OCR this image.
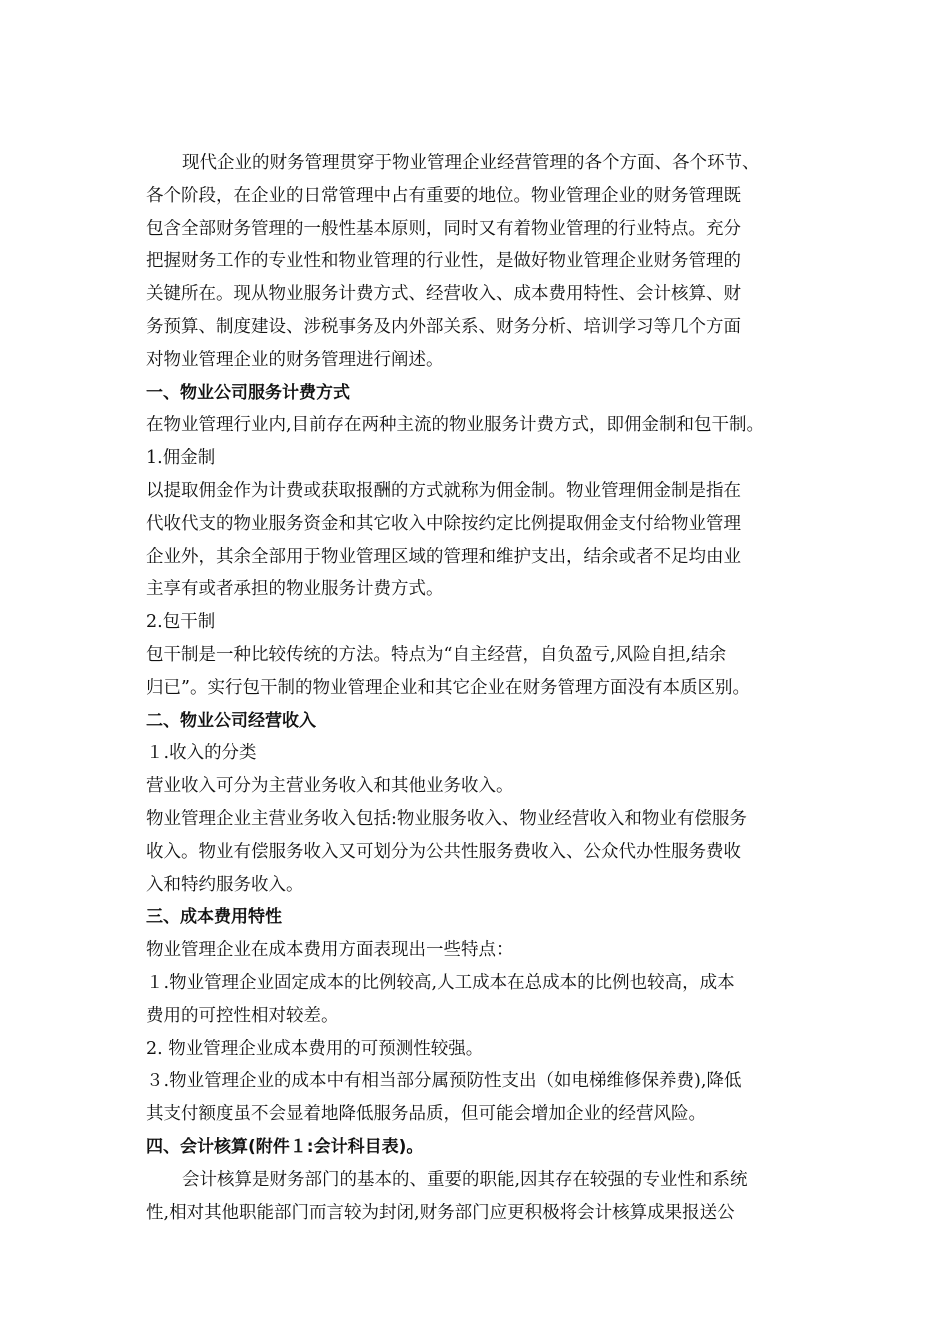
现代企业的财务管理贯穿于物业管理企业经营管理的各个方面、各个环节、
各个阶段，在企业的日常管理中占有重要的地位。物业管理企业的财务管理既
包含全部财务管理的一般性基本原则，同时又有着物业管理的行业特点。充分
把握财务工作的专业性和物业管理的行业性，是做好物业管理企业财务管理的
关键所在。现从物业服务计费方式、经营收入、成本费用特性、会计核算、财
务预算、制度建设、涉税事务及内外部关系、财务分析、培训学习等几个方面
对物业管理企业的财务管理进行阐述。
一、物业公司服务计费方式
在物业管理行业内,目前存在两种主流的物业服务计费方式，即佣金制和包干制。
1.佣金制
以提取佣金作为计费或获取报酬的方式就称为佣金制。物业管理佣金制是指在
代收代支的物业服务资金和其它收入中除按约定比例提取佣金支付给物业管理
企业外，其余全部用于物业管理区域的管理和维护支出，结余或者不足均由业
主享有或者承担的物业服务计费方式。
2.包干制
包干制是一种比较传统的方法。特点为“自主经营，自负盈亏,风险自担,结余
归已”。实行包干制的物业管理企业和其它企业在财务管理方面没有本质区别。
二、物业公司经营收入
１.收入的分类
营业收入可分为主营业务收入和其他业务收入。
物业管理企业主营业务收入包括:物业服务收入、物业经营收入和物业有偿服务
收入。物业有偿服务收入又可划分为公共性服务费收入、公众代办性服务费收
入和特约服务收入。
三、成本费用特性
物业管理企业在成本费用方面表现出一些特点：
１.物业管理企业固定成本的比例较高,人工成本在总成本的比例也较高，成本
费用的可控性相对较差。
2. 物业管理企业成本费用的可预测性较强。
３.物业管理企业的成本中有相当部分属预防性支出（如电梯维修保养费),降低
其支付额度虽不会显着地降低服务品质，但可能会增加企业的经营风险。
四、会计核算(附件１:会计科目表)。
会计核算是财务部门的基本的、重要的职能,因其存在较强的专业性和系统
性,相对其他职能部门而言较为封闭,财务部门应更积极将会计核算成果报送公
